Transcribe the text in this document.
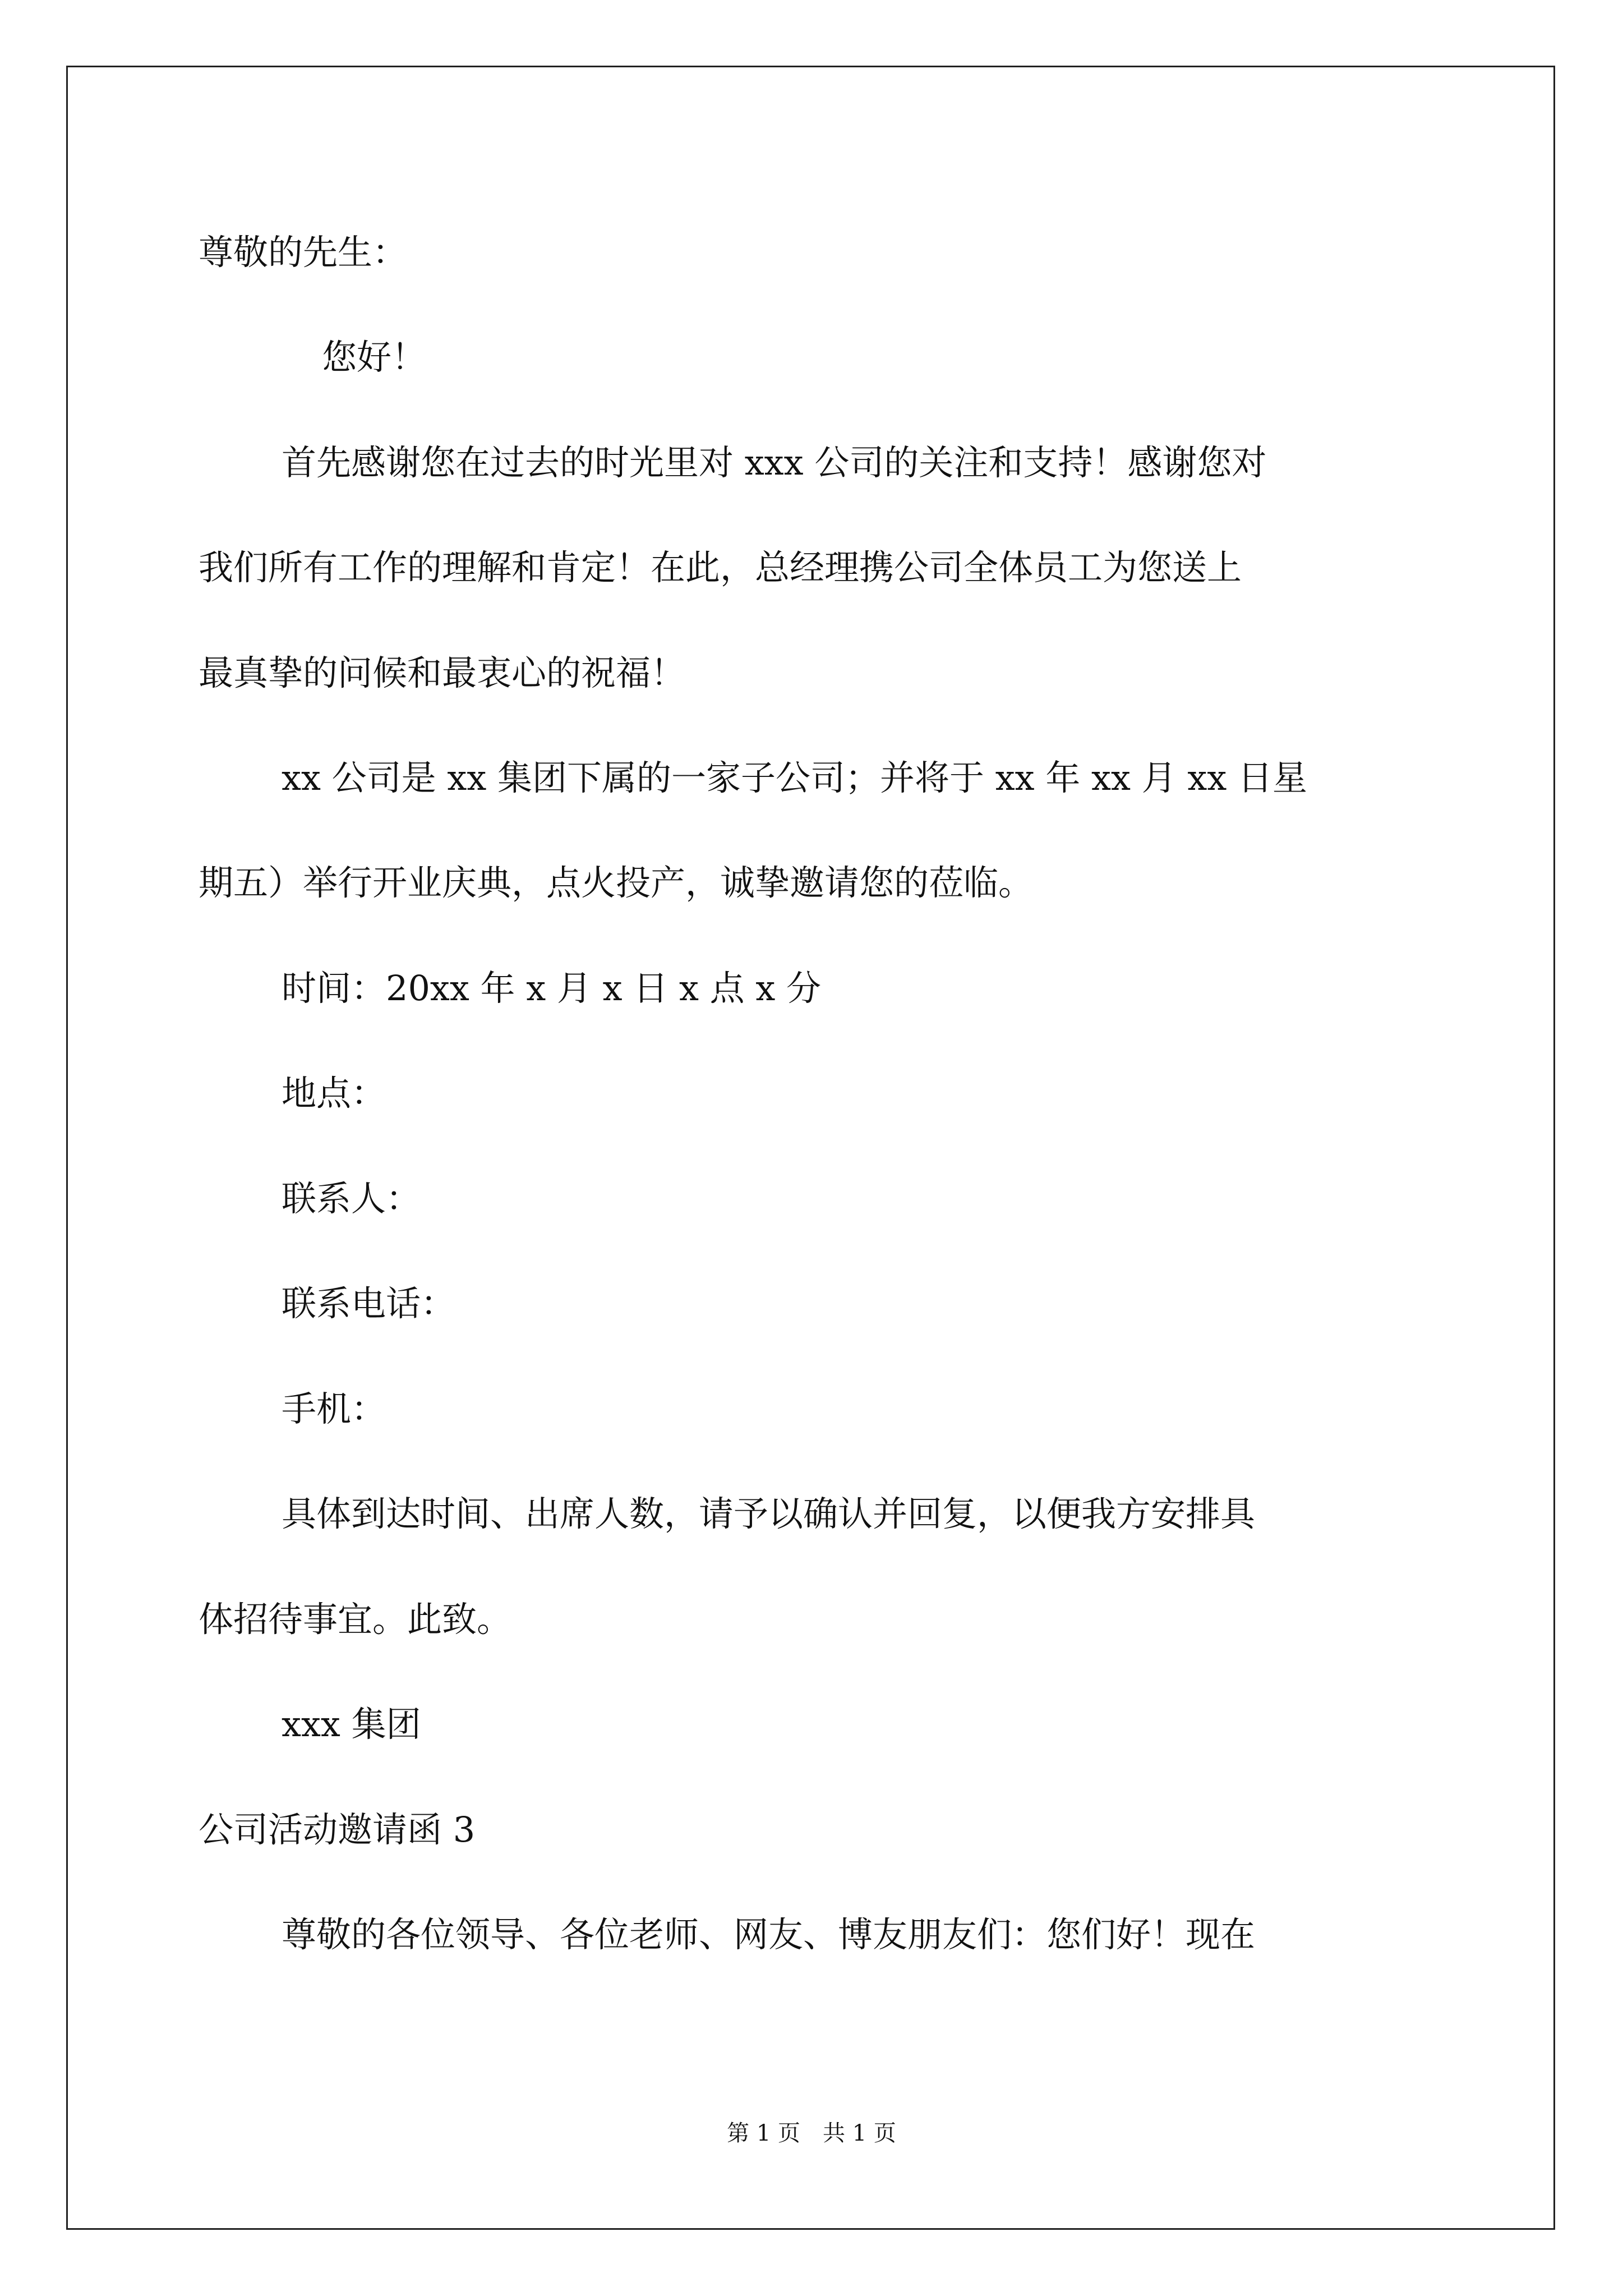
尊敬的先生：
您好！
首先感谢您在过去的时光里对 xxx 公司的关注和支持！感谢您对
我们所有工作的理解和肯定！在此，总经理携公司全体员工为您送上
最真挚的问候和最衷心的祝福！
xx 公司是 xx 集团下属的一家子公司；并将于 xx 年 xx 月 xx 日星
期五）举行开业庆典，点火投产，诚挚邀请您的莅临。
时间：20xx 年 x 月 x 日 x 点 x 分
地点：
联系人：
联系电话：
手机：
具体到达时间、出席人数，请予以确认并回复，以便我方安排具
体招待事宜。此致。
xxx 集团
公司活动邀请函 3
尊敬的各位领导、各位老师、网友、博友朋友们：您们好！现在
第 1 页　共 1 页
